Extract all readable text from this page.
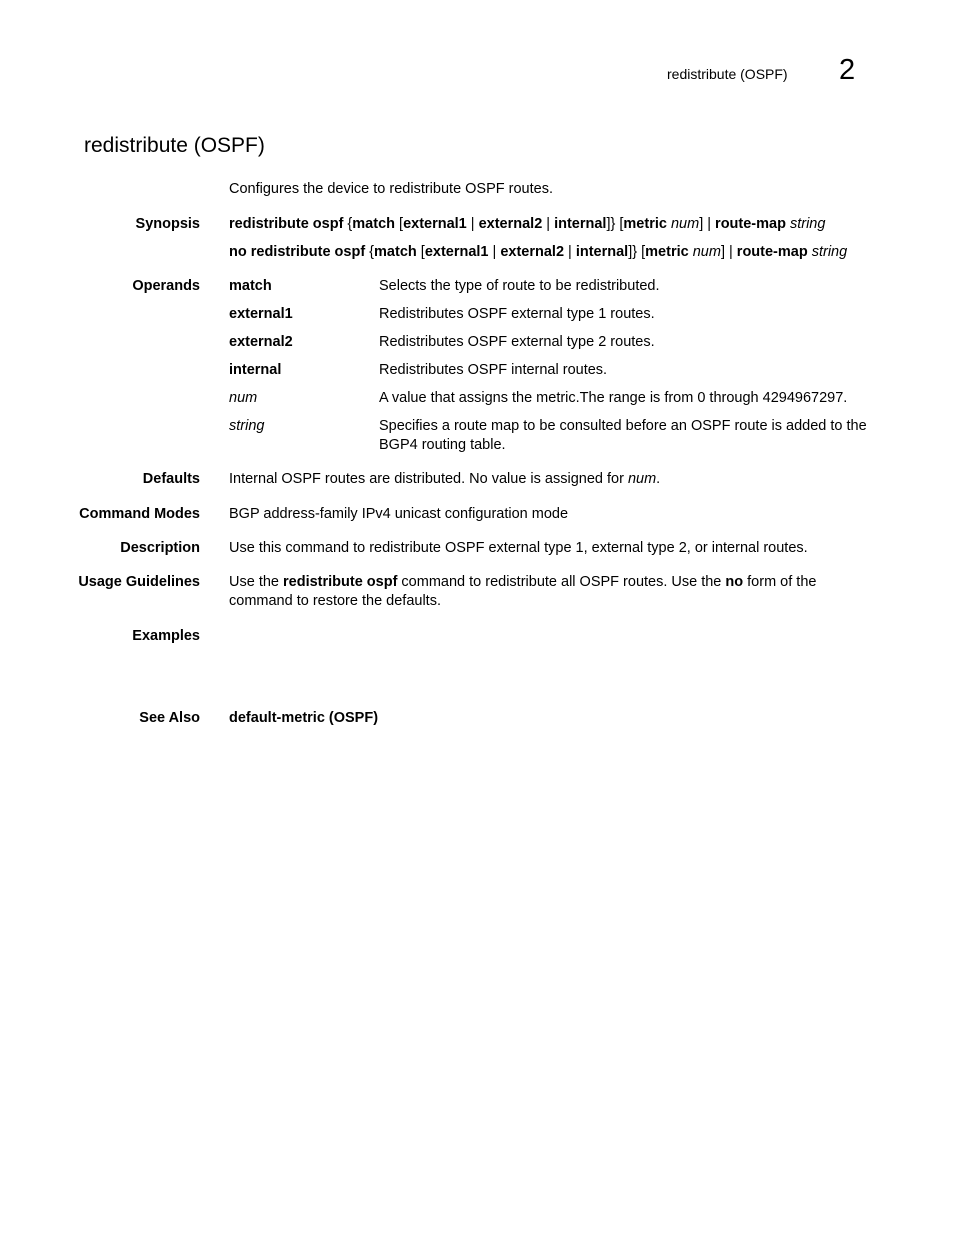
redistribute (OSPF) 2
redistribute (OSPF)
Configures the device to redistribute OSPF routes.
Synopsis redistribute ospf {match [external1 | external2 | internal]} [metric num] | route-map string
no redistribute ospf {match [external1 | external2 | internal]} [metric num] | route-map string
Operands match	Selects the type of route to be redistributed.
external1	Redistributes OSPF external type 1 routes.
external2	Redistributes OSPF external type 2 routes.
internal	Redistributes OSPF internal routes.
num	A value that assigns the metric.The range is from 0 through 4294967297.
string	Specifies a route map to be consulted before an OSPF route is added to the BGP4 routing table.
Defaults Internal OSPF routes are distributed. No value is assigned for num.
Command Modes BGP address-family IPv4 unicast configuration mode
Description Use this command to redistribute OSPF external type 1, external type 2, or internal routes.
Usage Guidelines Use the redistribute ospf command to redistribute all OSPF routes. Use the no form of the command to restore the defaults.
Examples
See Also default-metric (OSPF)
